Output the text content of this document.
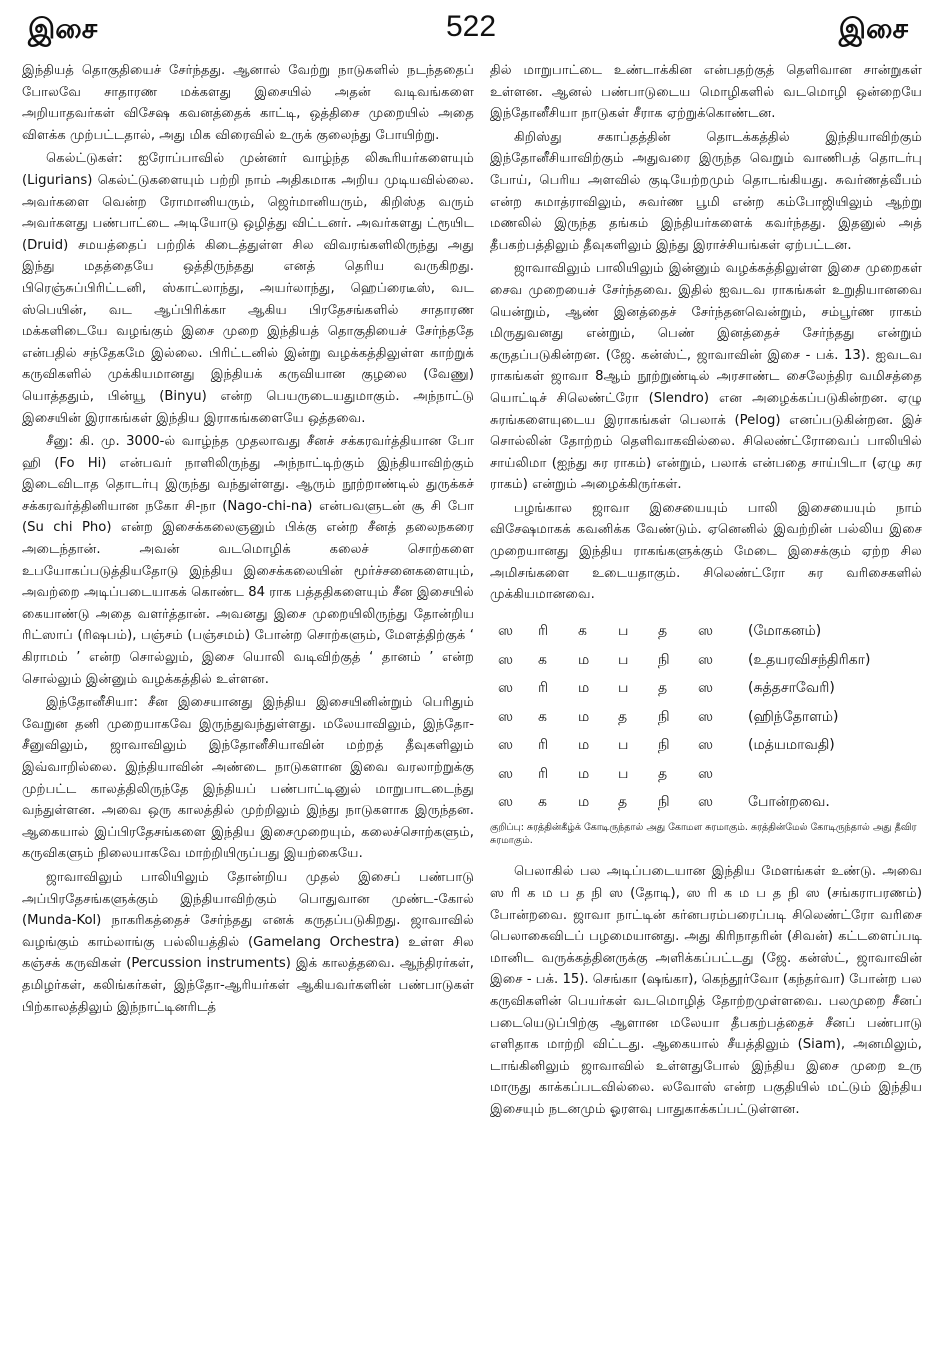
இசை	522	இசை

இந்தியத் தொகுதியைச் சேர்ந்தது. ஆனால் வேற்று நாடுகளில் நடந்ததைப் போலவே சாதாரண மக்களது இசையில் அதன் வடிவங்களை அறியாதவர்கள் விசேஷ கவனத்தைக் காட்டி, ஒத்திசை முறையில் அதை விளக்க முற்பட்டதால், அது மிக விரைவில் உருக் குலைந்து போயிற்று.

கெல்ட்டுகள்: ஐரோப்பாவில் முன்னர் வாழ்ந்த லிகூரியர்களையும் (Ligurians) கெல்ட்டுகளையும் பற்றி நாம் அதிகமாக அறிய முடியவில்லை. அவர்களை வென்ற ரோமானியரும், ஜெர்மானியரும், கிறிஸ்த வரும் அவர்களது பண்பாட்டை அடியோடு ஒழித்து விட்டனர். அவர்களது ட்ரூயிட (Druid) சமயத்தைப் பற்றிக் கிடைத்துள்ள சில விவரங்களிலிருந்து அது இந்து மதத்தையே ஒத்திருந்தது எனத் தெரிய வருகிறது. பிரெஞ்சுப்பிரிட்டனி, ஸ்காட்லாந்து, அயர்லாந்து, ஹெப்ரைடீஸ், வட ஸ்பெயின், வட ஆப்பிரிக்கா ஆகிய பிரதேசங்களில் சாதாரண மக்களிடையே வழங்கும் இசை முறை இந்தியத் தொகுதியைச் சேர்ந்ததே என்பதில் சந்தேகமே இல்லை. பிரிட்டனில் இன்று வழக்கத்திலுள்ள காற்றுக் கருவிகளில் முக்கியமானது இந்தியக் கருவியான குழலை (வேணு) யொத்ததும், பின்யூ (Binyu) என்ற பெயருடையதுமாகும். அந்நாட்டு இசையின் இராகங்கள் இந்திய இராகங்களையே ஒத்தவை.

சீனு: கி. மு. 3000-ல் வாழ்ந்த முதலாவது சீனச் சக்கரவர்த்தியான போ ஹி (Fo Hi) என்பவர் நாளிலிருந்து அந்நாட்டிற்கும் இந்தியாவிற்கும் இடைவிடாத தொடர்பு இருந்து வந்துள்ளது. ஆரும் நூற்றாண்டில் துருக்கச் சக்கரவர்த்தினியான நகோ சி-நா (Nago-chi-na) என்பவளுடன் சூ சி போ (Su chi Pho) என்ற இசைக்கலைஞனும் பிக்கு என்ற சீனத் தலைநகரை அடைந்தான். அவன் வடமொழிக் கலைச் சொற்களை உபயோகப்படுத்தியதோடு இந்திய இசைக்கலையின் மூர்ச்சனைகளையும், அவற்றை அடிப்படையாகக் கொண்ட 84 ராக பத்ததிகளையும் சீன இசையில் கையாண்டு அதை வளர்த்தான். அவனது இசை முறையிலிருந்து தோன்றிய ரிட்ஸாப் (ரிஷபம்), பஞ்சம் (பஞ்சமம்) போன்ற சொற்களும், மேளத்திற்குக் ‘ கிராமம் ’ என்ற சொல்லும், இசை யொலி வடிவிற்குத் ‘ தானம் ’ என்ற சொல்லும் இன்னும் வழக்கத்தில் உள்ளன.

இந்தோனீசியா: சீன இசையானது இந்திய இசையினின்றும் பெரிதும் வேறுன தனி முறையாகவே இருந்துவந்துள்ளது. மலேயாவிலும், இந்தோ-சீனுவிலும், ஜாவாவிலும் இந்தோனீசியாவின் மற்றத் தீவுகளிலும் இவ்வாறில்லை. இந்தியாவின் அண்டை நாடுகளான இவை வரலாற்றுக்கு முற்பட்ட காலத்திலிருந்தே இந்தியப் பண்பாட்டினுல் மாறுபாடடைந்து வந்துள்ளன. அவை ஒரு காலத்தில் முற்றிலும் இந்து நாடுகளாக இருந்தன. ஆகையால் இப்பிரதேசங்களை இந்திய இசைமுறையும், கலைச்சொற்களும், கருவிகளும் நிலையாகவே மாற்றியிருப்பது இயற்கையே.

ஜாவாவிலும் பாலியிலும் தோன்றிய முதல் இசைப் பண்பாடு அப்பிரதேசங்களுக்கும் இந்தியாவிற்கும் பொதுவான முண்ட-கோல் (Munda-Kol) நாகரிகத்தைச் சேர்ந்தது எனக் கருதப்படுகிறது. ஜாவாவில் வழங்கும் காம்லாங்கு பல்லியத்தில் (Gamelang Orchestra) உள்ள சில கஞ்சக் கருவிகள் (Percussion instruments) இக் காலத்தவை. ஆந்திரர்கள், தமிழர்கள், கலிங்கர்கள், இந்தோ-ஆரியர்கள் ஆகியவர்களின் பண்பாடுகள் பிற்காலத்திலும் இந்நாட்டினரிடத்

தில் மாறுபாட்டை உண்டாக்கின என்பதற்குத் தெளிவான சான்றுகள் உள்ளன. ஆனல் பண்பாடுடைய மொழிகளில் வடமொழி ஒன்றையே இந்தோனீசியா நாடுகள் சீராக ஏற்றுக்கொண்டன.

கிறிஸ்து சகாப்தத்தின் தொடக்கத்தில் இந்தியாவிற்கும் இந்தோனீசியாவிற்கும் அதுவரை இருந்த வெறும் வாணிபத் தொடர்பு போய், பெரிய அளவில் குடியேற்றமும் தொடங்கியது. சுவர்ணத்வீபம் என்ற சுமாத்ராவிலும், சுவர்ண பூமி என்ற கம்போஜியிலும் ஆற்று மணலில் இருந்த தங்கம் இந்தியர்களைக் கவர்ந்தது. இதனுல் அத் தீபகற்பத்திலும் தீவுகளிலும் இந்து இராச்சியங்கள் ஏற்பட்டன.

ஜாவாவிலும் பாலியிலும் இன்னும் வழக்கத்திலுள்ள இசை முறைகள் சைவ முறையைச் சேர்ந்தவை. இதில் ஐவடவ ராகங்கள் உறுதியானவை யென்றும், ஆண் இனத்தைச் சேர்ந்தனவென்றும், சம்பூர்ண ராகம் மிருதுவனது என்றும், பெண் இனத்தைச் சேர்ந்தது என்றும் கருதப்படுகின்றன. (ஜே. கன்ஸ்ட், ஜாவாவின் இசை - பக். 13). ஐவடவ ராகங்கள் ஜாவா 8ஆம் நூற்றுண்டில் அரசாண்ட சைலேந்திர வமிசத்தை யொட்டிச் சிலெண்ட்ரோ (Slendro) என அழைக்கப்படுகின்றன. ஏழு சுரங்களையுடைய இராகங்கள் பெலாக் (Pelog) எனப்படுகின்றன. இச் சொல்லின் தோற்றம் தெளிவாகவில்லை. சிலெண்ட்ரோவைப் பாலியில் சாய்லிமா (ஐந்து சுர ராகம்) என்றும், பலாக் என்பதை சாய்பிடா (ஏழு சுர ராகம்) என்றும் அழைக்கிருர்கள்.

பழங்கால ஜாவா இசையையும் பாலி இசையையும் நாம் விசேஷமாகக் கவனிக்க வேண்டும். ஏனெனில் இவற்றின் பல்லிய இசை முறையானது இந்திய ராகங்களுக்கும் மேடை இசைக்கும் ஏற்ற சில அமிசங்களை உடையதாகும். சிலெண்ட்ரோ சுர வரிசைகளில் முக்கியமானவை.

ஸ	ரி	க	ப	த	ஸ	(மோகனம்)
ஸ	க	ம	ப	நி	ஸ	(உதயரவிசந்திரிகா)
ஸ	ரி	ம	ப	த	ஸ	(சுத்தசாவேரி)
ஸ	க	ம	த	நி	ஸ	(ஹிந்தோளம்)
ஸ	ரி	ம	ப	நி	ஸ	(மத்யமாவதி)
ஸ	ரி	ம	ப	த	ஸ	
ஸ	க	ம	த	நி	ஸ	போன்றவை.
குறிப்பு: சுரத்தின்கீழ்க் கோடிருந்தால் அது கோமள சுரமாகும். சுரத்தின்மேல் கோடிருந்தால் அது தீவிர சுரமாகும்.

பெலாகில் பல அடிப்படையான இந்திய மேளங்கள் உண்டு. அவை ஸ ரி க ம ப த நி ஸ (தோடி), ஸ ரி க ம ப த நி ஸ (சங்கராபரணம்) போன்றவை. ஜாவா நாட்டின் கர்னபரம்பரைப்படி சிலெண்ட்ரோ வரிசை பெலாகைவிடப் பழமையானது. அது கிரிநாதரின் (சிவன்) கட்டளைப்படி மானிட வருக்கத்தினருக்கு அளிக்கப்பட்டது (ஜே. கன்ஸ்ட், ஜாவாவின் இசை - பக். 15). செங்கா (ஷங்கா), கெந்தூர்வோ (கந்தர்வா) போன்ற பல கருவிகளின் பெயர்கள் வடமொழித் தோற்றமுள்ளவை. பலமுறை சீனப் படையெடுப்பிற்கு ஆளான மலேயா தீபகற்பத்தைச் சீனப் பண்பாடு எளிதாக மாற்றி விட்டது. ஆகையால் சீயத்திலும் (Siam), அனமிலும், டாங்கினிலும் ஜாவாவில் உள்ளதுபோல் இந்திய இசை முறை உரு மாருது காக்கப்படவில்லை. லவோஸ் என்ற பகுதியில் மட்டும் இந்திய இசையும் நடனமும் ஓரளவு பாதுகாக்கப்பட்டுள்ளன.
